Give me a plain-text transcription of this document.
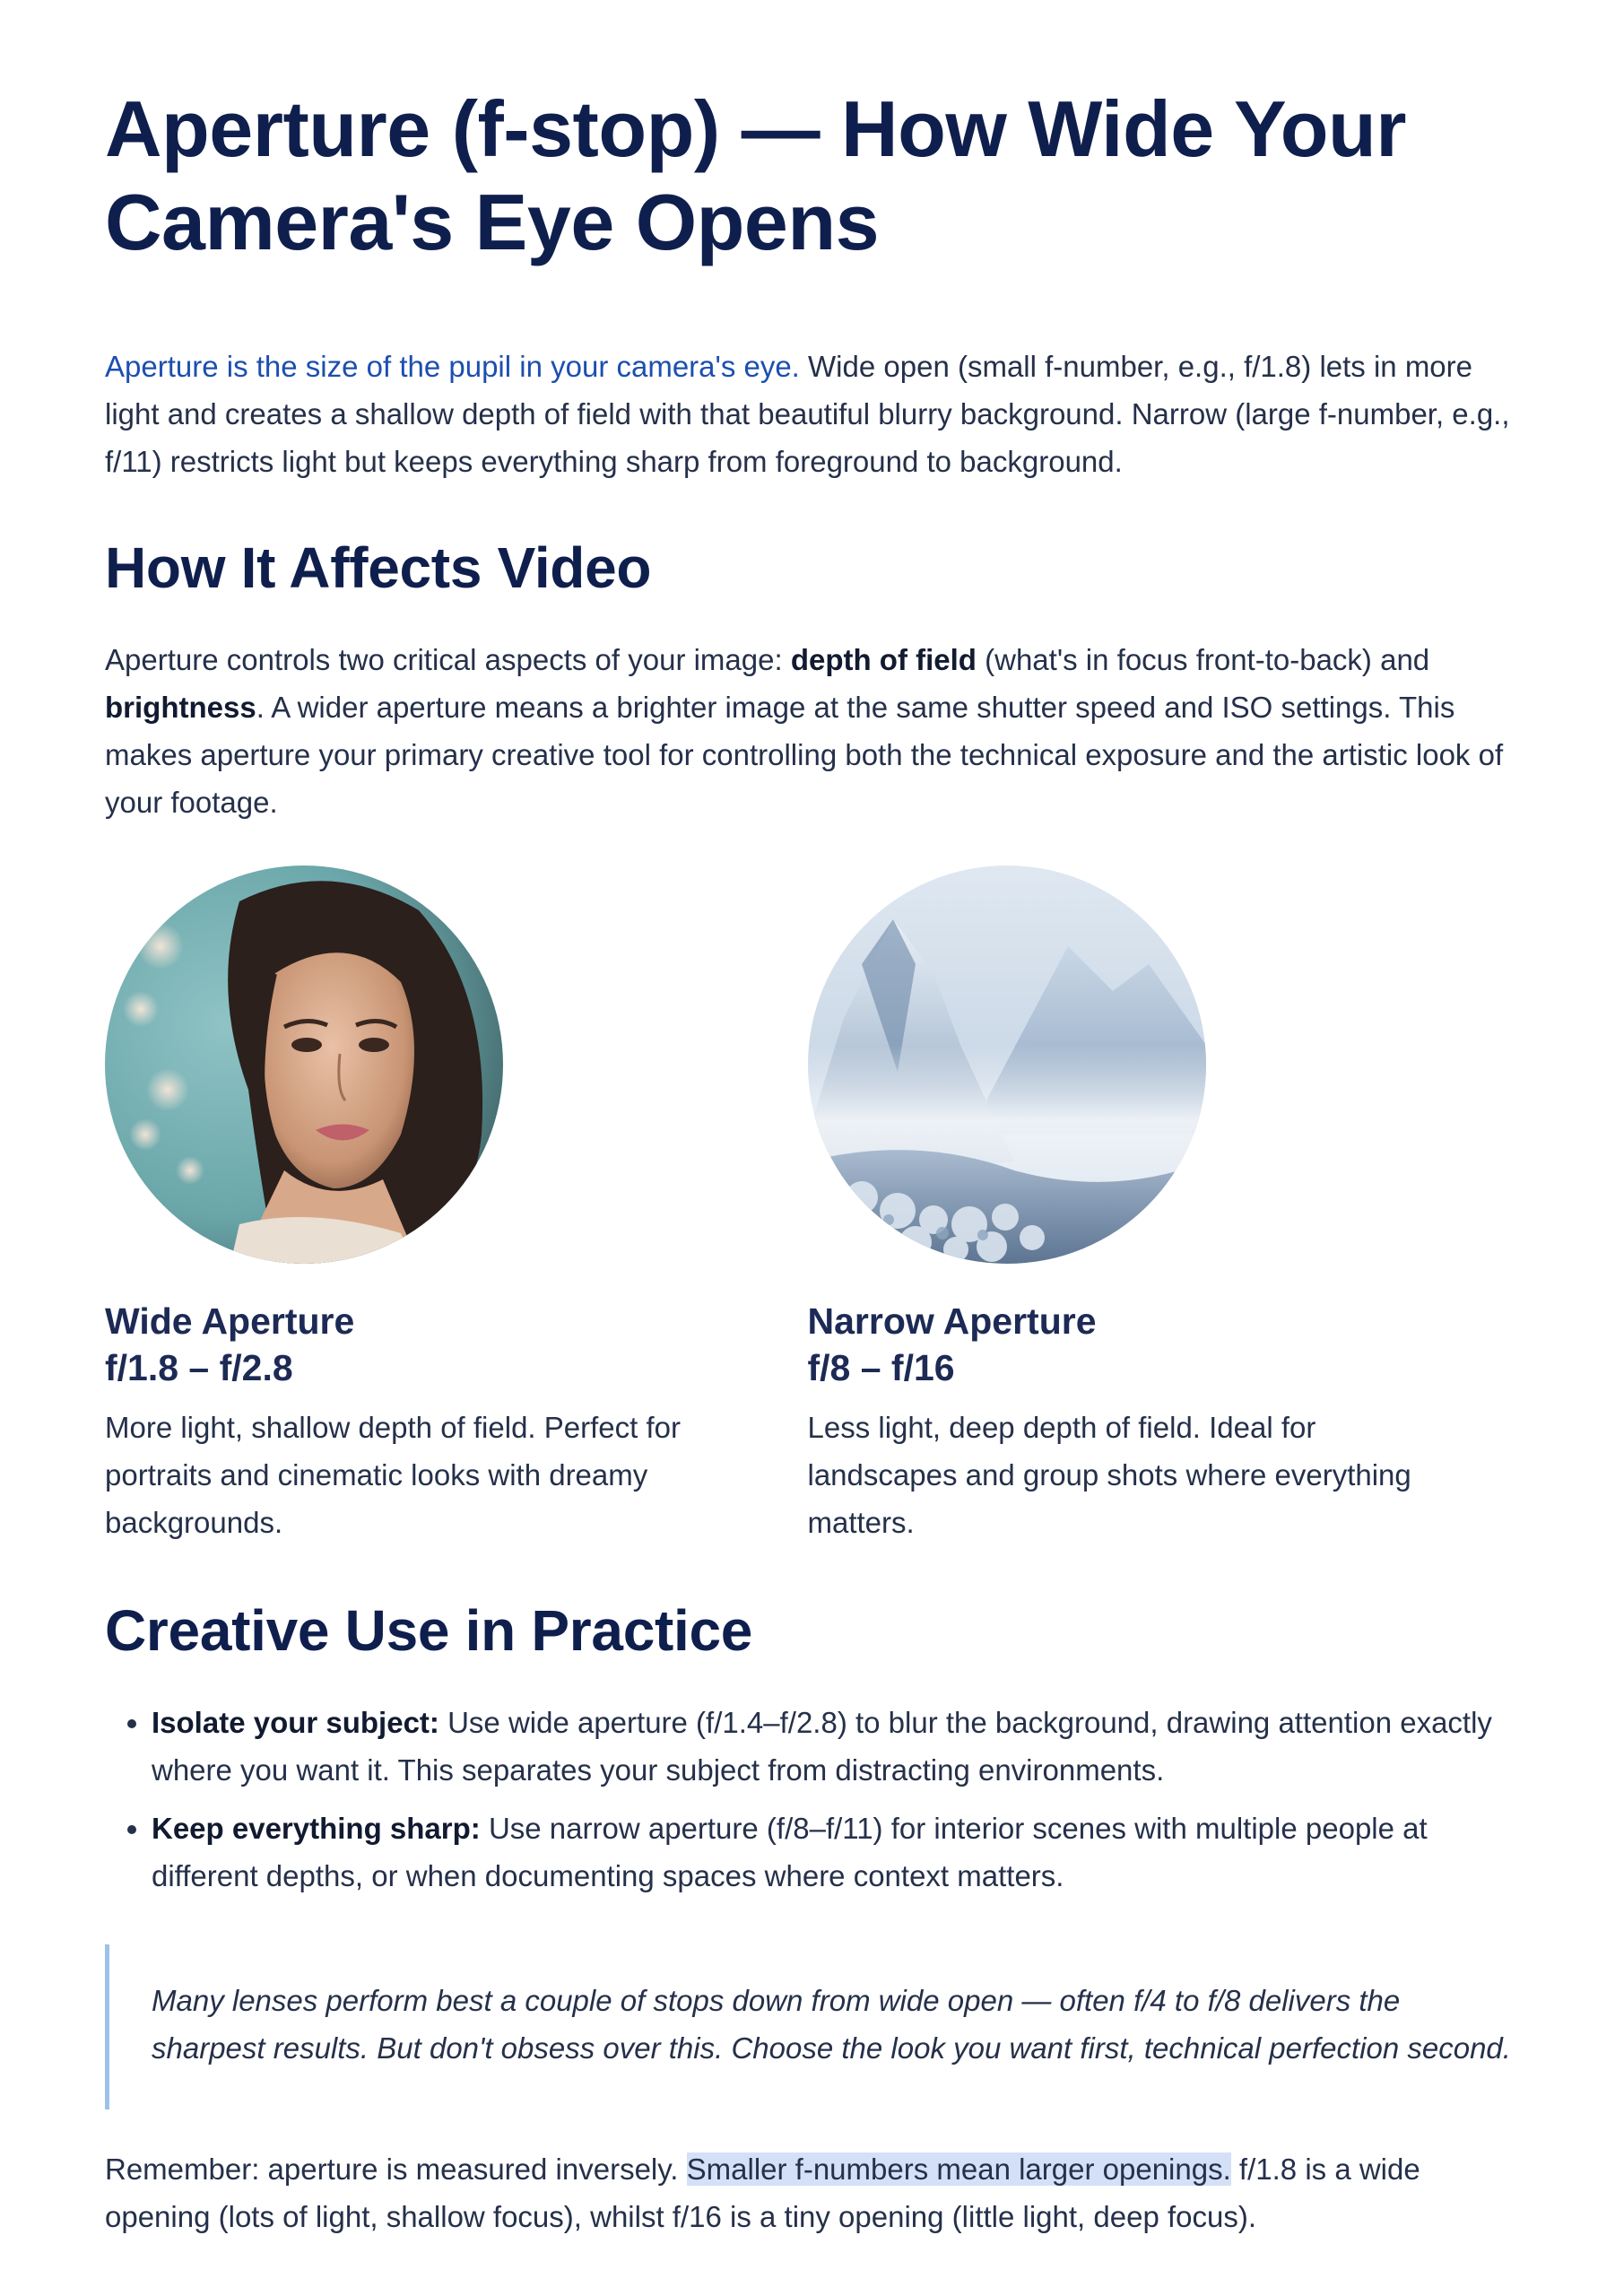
Aperture (f-stop) — How Wide Your Camera's Eye Opens

Aperture is the size of the pupil in your camera's eye. Wide open (small f-number, e.g., f/1.8) lets in more light and creates a shallow depth of field with that beautiful blurry background. Narrow (large f-number, e.g., f/11) restricts light but keeps everything sharp from foreground to background.

How It Affects Video

Aperture controls two critical aspects of your image: depth of field (what's in focus front-to-back) and brightness. A wider aperture means a brighter image at the same shutter speed and ISO settings. This makes aperture your primary creative tool for controlling both the technical exposure and the artistic look of your footage.

Wide Aperture
f/1.8 – f/2.8
More light, shallow depth of field. Perfect for portraits and cinematic looks with dreamy backgrounds.
Narrow Aperture
f/8 – f/16
Less light, deep depth of field. Ideal for landscapes and group shots where everything matters.
Creative Use in Practice
• Isolate your subject: Use wide aperture (f/1.4–f/2.8) to blur the background, drawing attention exactly where you want it. This separates your subject from distracting environments.
• Keep everything sharp: Use narrow aperture (f/8–f/11) for interior scenes with multiple people at different depths, or when documenting spaces where context matters.
Many lenses perform best a couple of stops down from wide open — often f/4 to f/8 delivers the sharpest results. But don't obsess over this. Choose the look you want first, technical perfection second.

Remember: aperture is measured inversely. Smaller f-numbers mean larger openings. f/1.8 is a wide opening (lots of light, shallow focus), whilst f/16 is a tiny opening (little light, deep focus).
